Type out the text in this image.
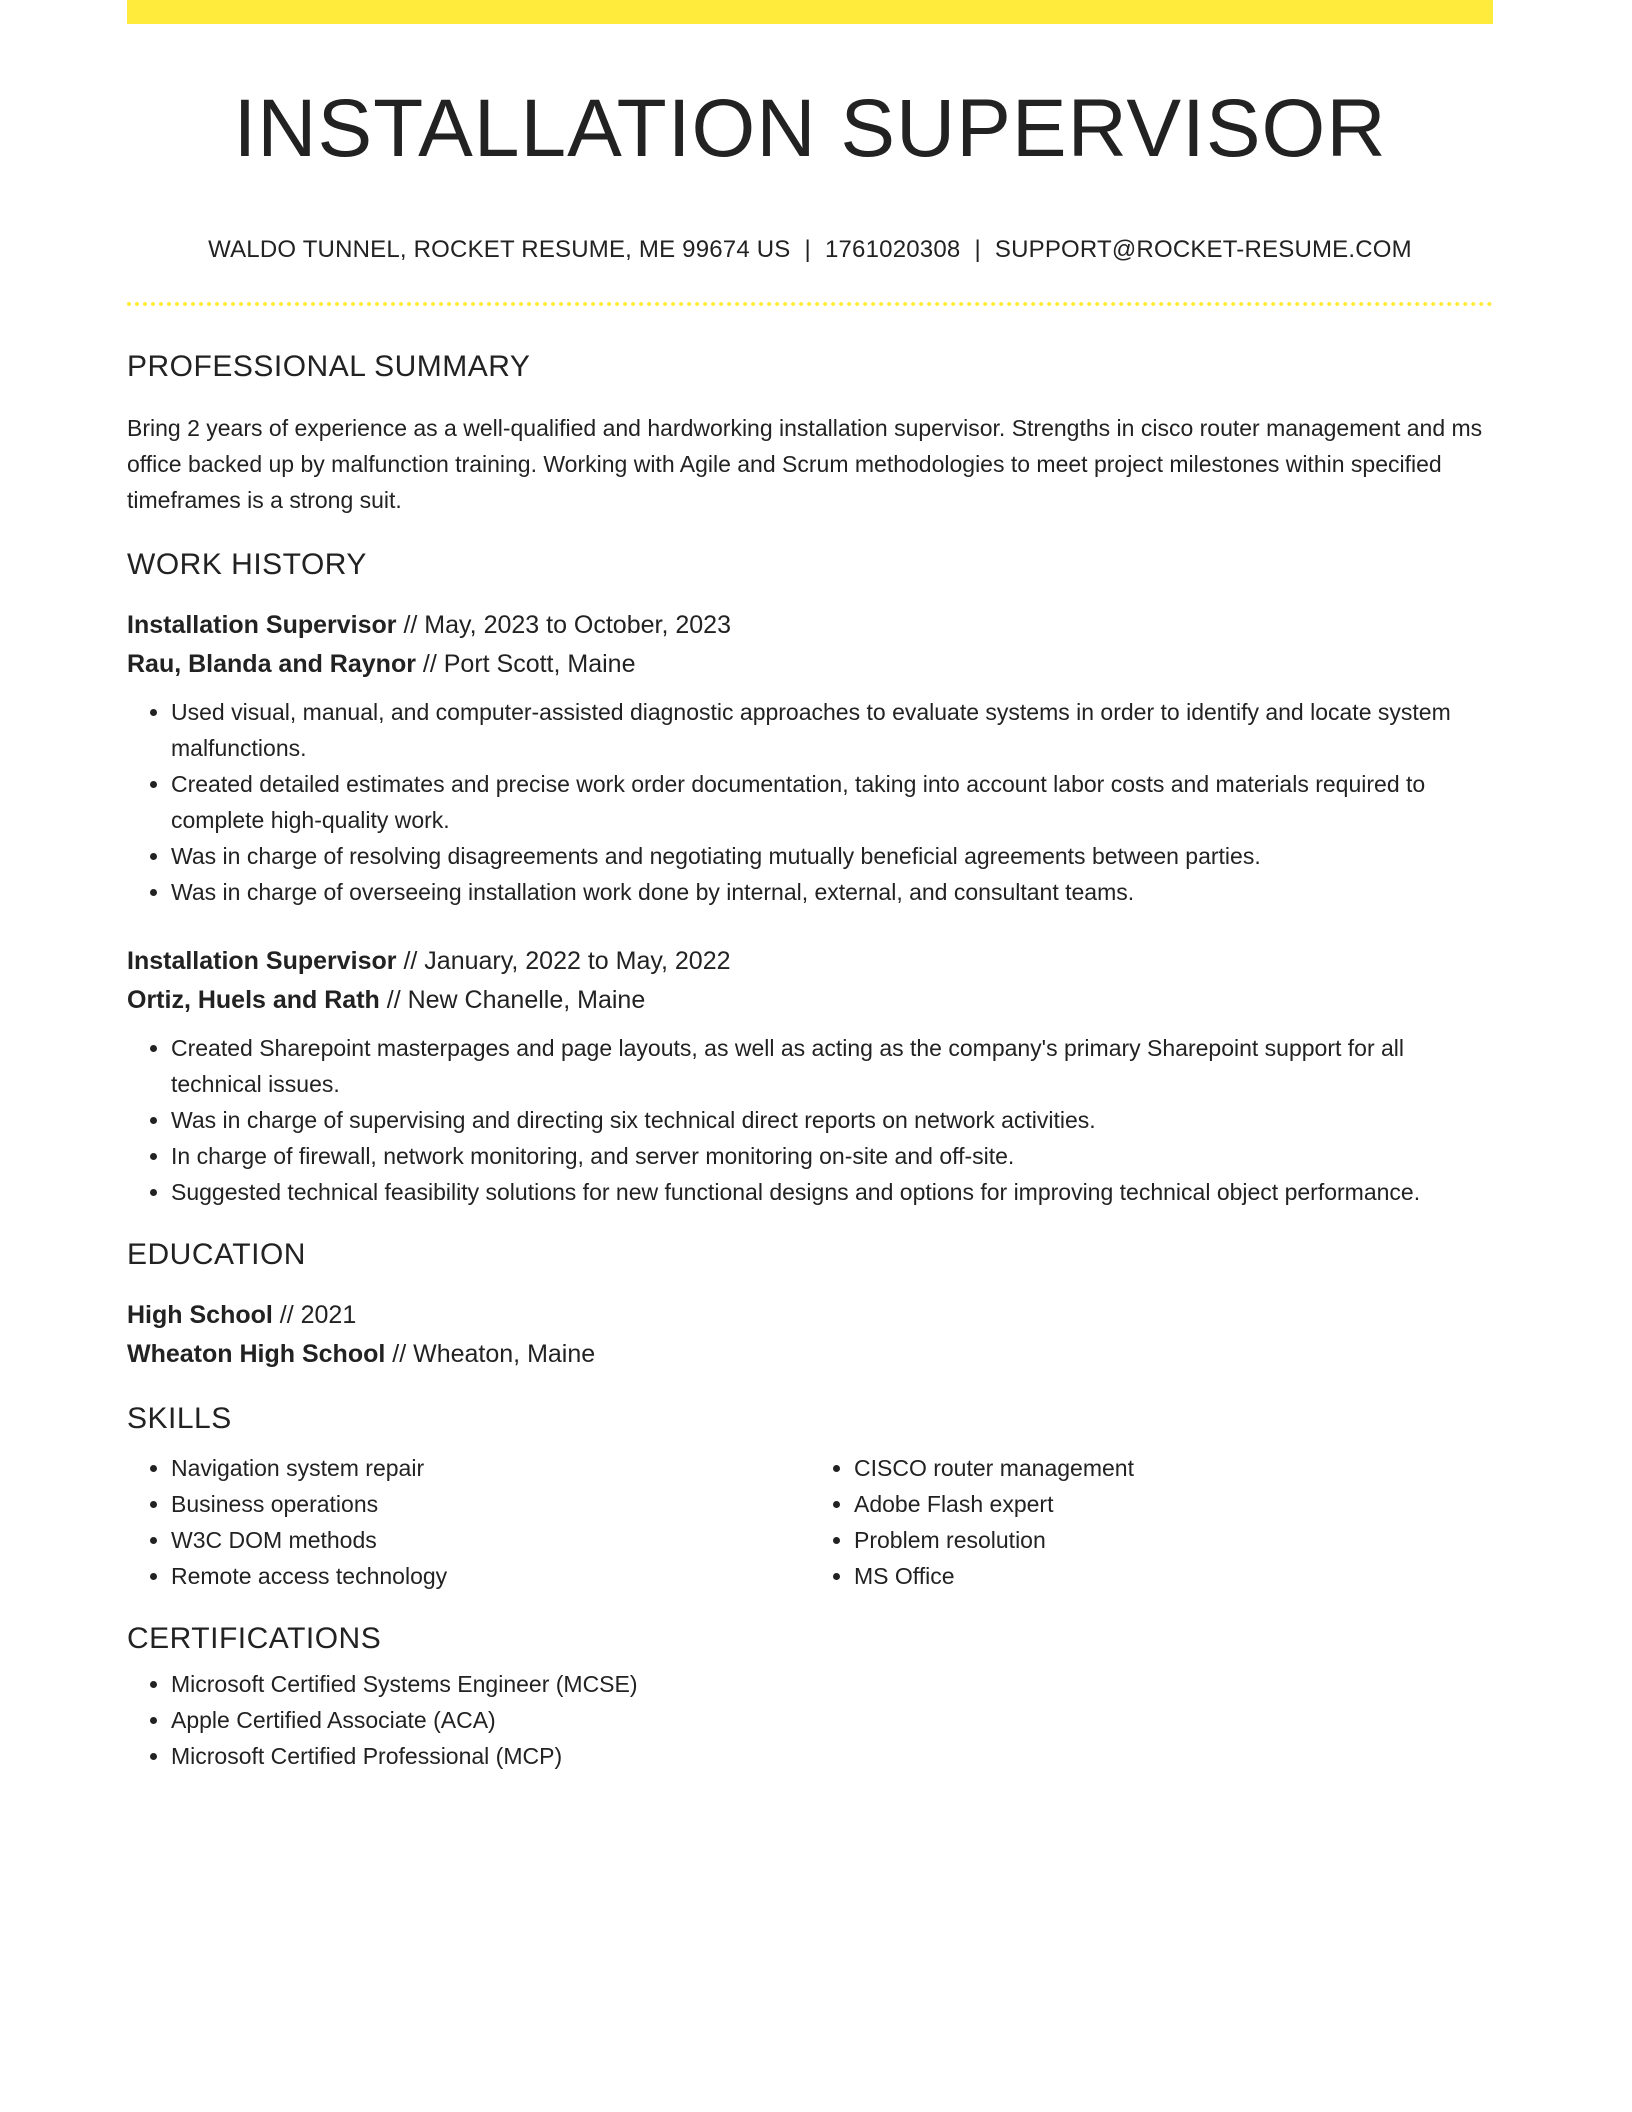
INSTALLATION SUPERVISOR
WALDO TUNNEL, ROCKET RESUME, ME 99674 US | 1761020308 | SUPPORT@ROCKET-RESUME.COM
PROFESSIONAL SUMMARY
Bring 2 years of experience as a well-qualified and hardworking installation supervisor. Strengths in cisco router management and ms office backed up by malfunction training. Working with Agile and Scrum methodologies to meet project milestones within specified timeframes is a strong suit.
WORK HISTORY
Installation Supervisor // May, 2023 to October, 2023
Rau, Blanda and Raynor // Port Scott, Maine
• Used visual, manual, and computer-assisted diagnostic approaches to evaluate systems in order to identify and locate system malfunctions.
• Created detailed estimates and precise work order documentation, taking into account labor costs and materials required to complete high-quality work.
• Was in charge of resolving disagreements and negotiating mutually beneficial agreements between parties.
• Was in charge of overseeing installation work done by internal, external, and consultant teams.
Installation Supervisor // January, 2022 to May, 2022
Ortiz, Huels and Rath // New Chanelle, Maine
• Created Sharepoint masterpages and page layouts, as well as acting as the company's primary Sharepoint support for all technical issues.
• Was in charge of supervising and directing six technical direct reports on network activities.
• In charge of firewall, network monitoring, and server monitoring on-site and off-site.
• Suggested technical feasibility solutions for new functional designs and options for improving technical object performance.
EDUCATION
High School // 2021
Wheaton High School // Wheaton, Maine
SKILLS
• Navigation system repair
• Business operations
• W3C DOM methods
• Remote access technology
• CISCO router management
• Adobe Flash expert
• Problem resolution
• MS Office
CERTIFICATIONS
• Microsoft Certified Systems Engineer (MCSE)
• Apple Certified Associate (ACA)
• Microsoft Certified Professional (MCP)
